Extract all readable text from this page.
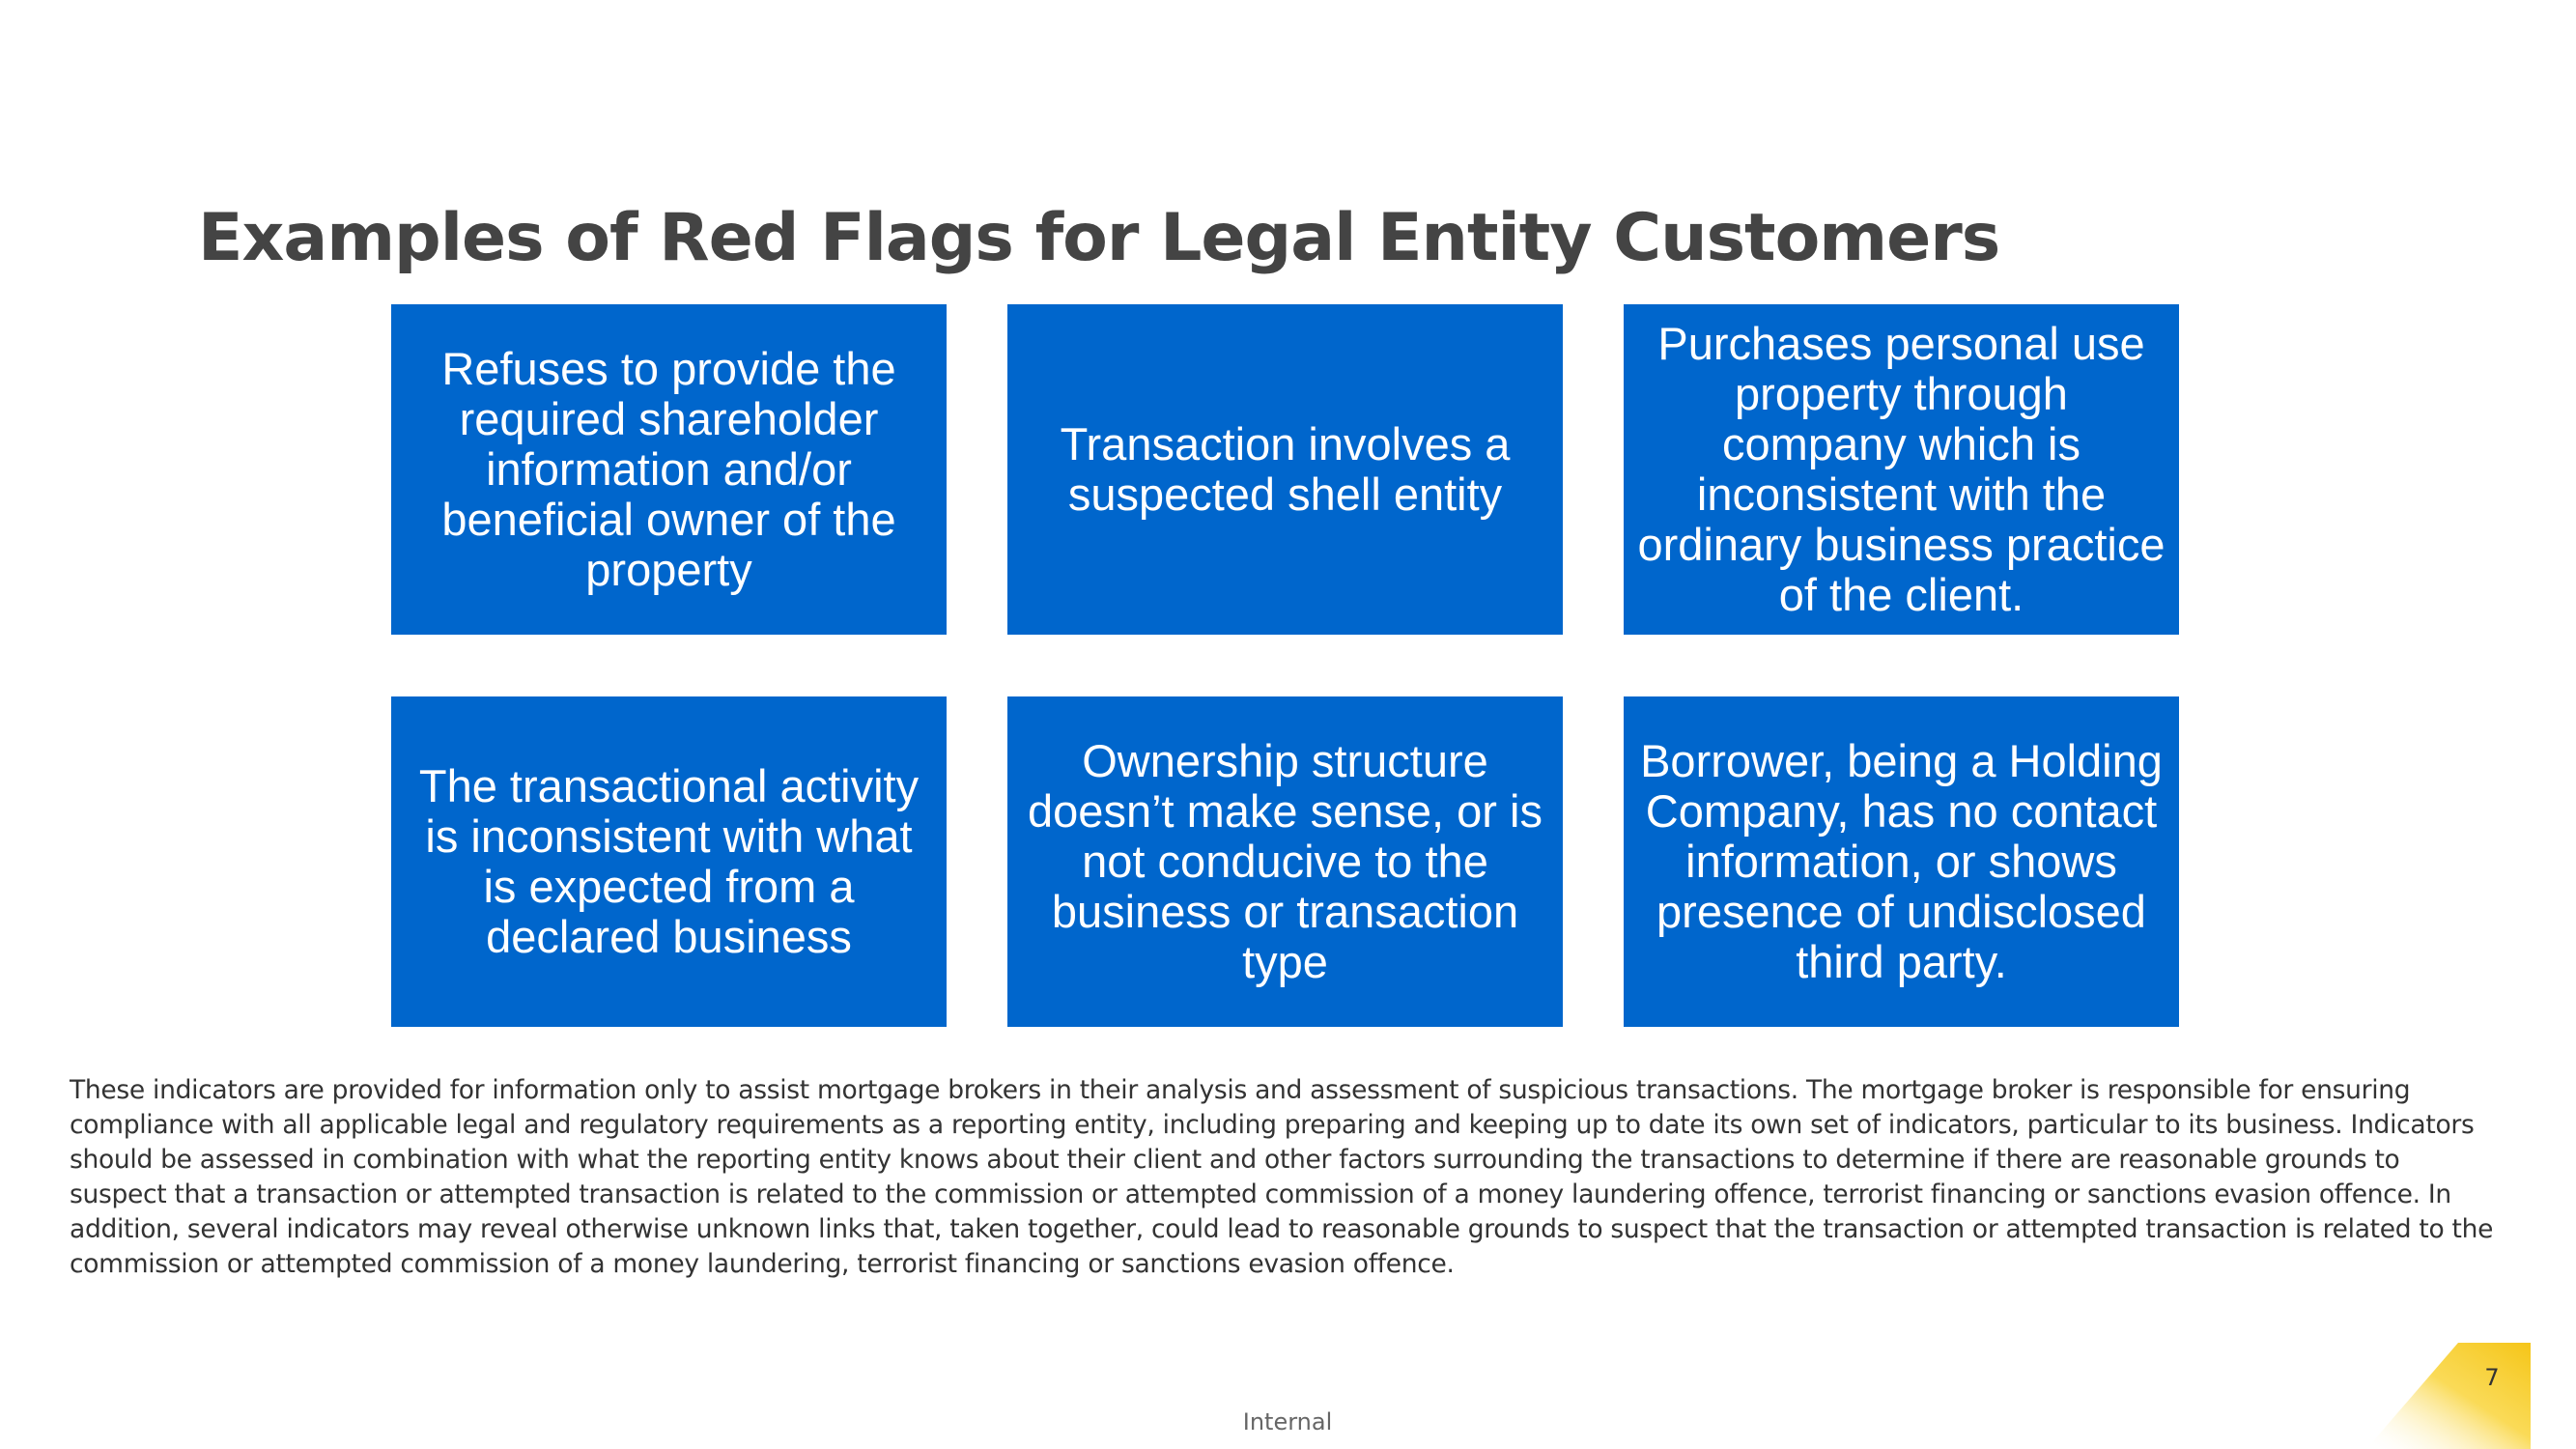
Examples of Red Flags for Legal Entity Customers
Refuses to provide the required shareholder information and/or beneficial owner of the property
Transaction involves a suspected shell entity
Purchases personal use property through company which is inconsistent with the ordinary business practice of the client.
The transactional activity is inconsistent with what is expected from a declared business
Ownership structure doesn’t make sense, or is not conducive to the business or transaction type
Borrower, being a Holding Company, has no contact information, or shows presence of undisclosed third party.

These indicators are provided for information only to assist mortgage brokers in their analysis and assessment of suspicious transactions. The mortgage broker is responsible for ensuring compliance with all applicable legal and regulatory requirements as a reporting entity, including preparing and keeping up to date its own set of indicators, particular to its business. Indicators should be assessed in combination with what the reporting entity knows about their client and other factors surrounding the transactions to determine if there are reasonable grounds to suspect that a transaction or attempted transaction is related to the commission or attempted commission of a money laundering offence, terrorist financing or sanctions evasion offence. In addition, several indicators may reveal otherwise unknown links that, taken together, could lead to reasonable grounds to suspect that the transaction or attempted transaction is related to the commission or attempted commission of a money laundering, terrorist financing or sanctions evasion offence.

Internal
7
